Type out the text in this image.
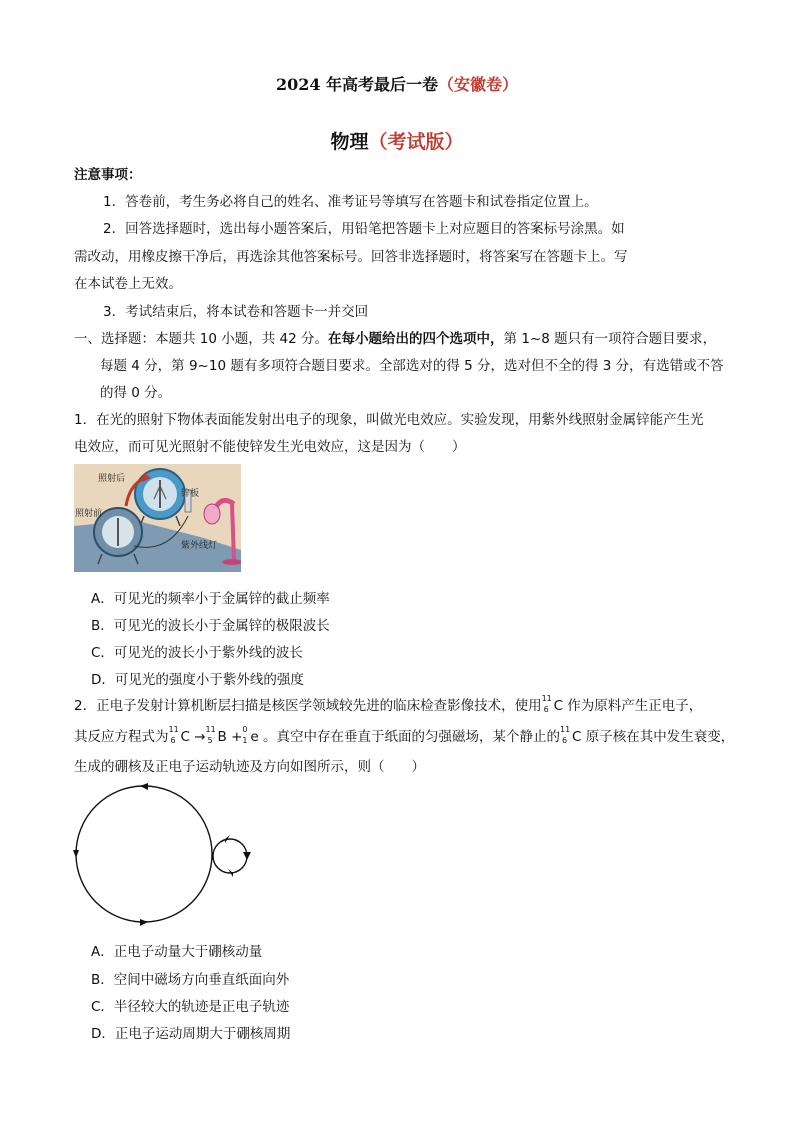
2024 年高考最后一卷（安徽卷）
物理（考试版）
注意事项：
1．答卷前，考生务必将自己的姓名、准考证号等填写在答题卡和试卷指定位置上。
2．回答选择题时，选出每小题答案后，用铅笔把答题卡上对应题目的答案标号涂黑。如
需改动，用橡皮擦干净后，再选涂其他答案标号。回答非选择题时，将答案写在答题卡上。写
在本试卷上无效。
3．考试结束后，将本试卷和答题卡一并交回
一、选择题：本题共 10 小题，共 42 分。在每小题给出的四个选项中，第 1~8 题只有一项符合题目要求，
每题 4 分，第 9~10 题有多项符合题目要求。全部选对的得 5 分，选对但不全的得 3 分，有选错或不答
的得 0 分。
1．在光的照射下物体表面能发射出电子的现象，叫做光电效应。实验发现，用紫外线照射金属锌能产生光
电效应，而可见光照射不能使锌发生光电效应，这是因为（　　）
照射后
照射前
锌板
紫外线灯
A．可见光的频率小于金属锌的截止频率
B．可见光的波长小于金属锌的极限波长
C．可见光的波长小于紫外线的波长
D．可见光的强度小于紫外线的强度
2．正电子发射计算机断层扫描是核医学领域较先进的临床检查影像技术，使用 11
6 C 作为原料产生正电子，
其反应方程式为 11
6 C → 11
5 B + 0
1 e 。真空中存在垂直于纸面的匀强磁场，某个静止的 11
6 C 原子核在其中发生衰变，
生成的硼核及正电子运动轨迹及方向如图所示，则（　　）
A．正电子动量大于硼核动量
B．空间中磁场方向垂直纸面向外
C．半径较大的轨迹是正电子轨迹
D．正电子运动周期大于硼核周期
